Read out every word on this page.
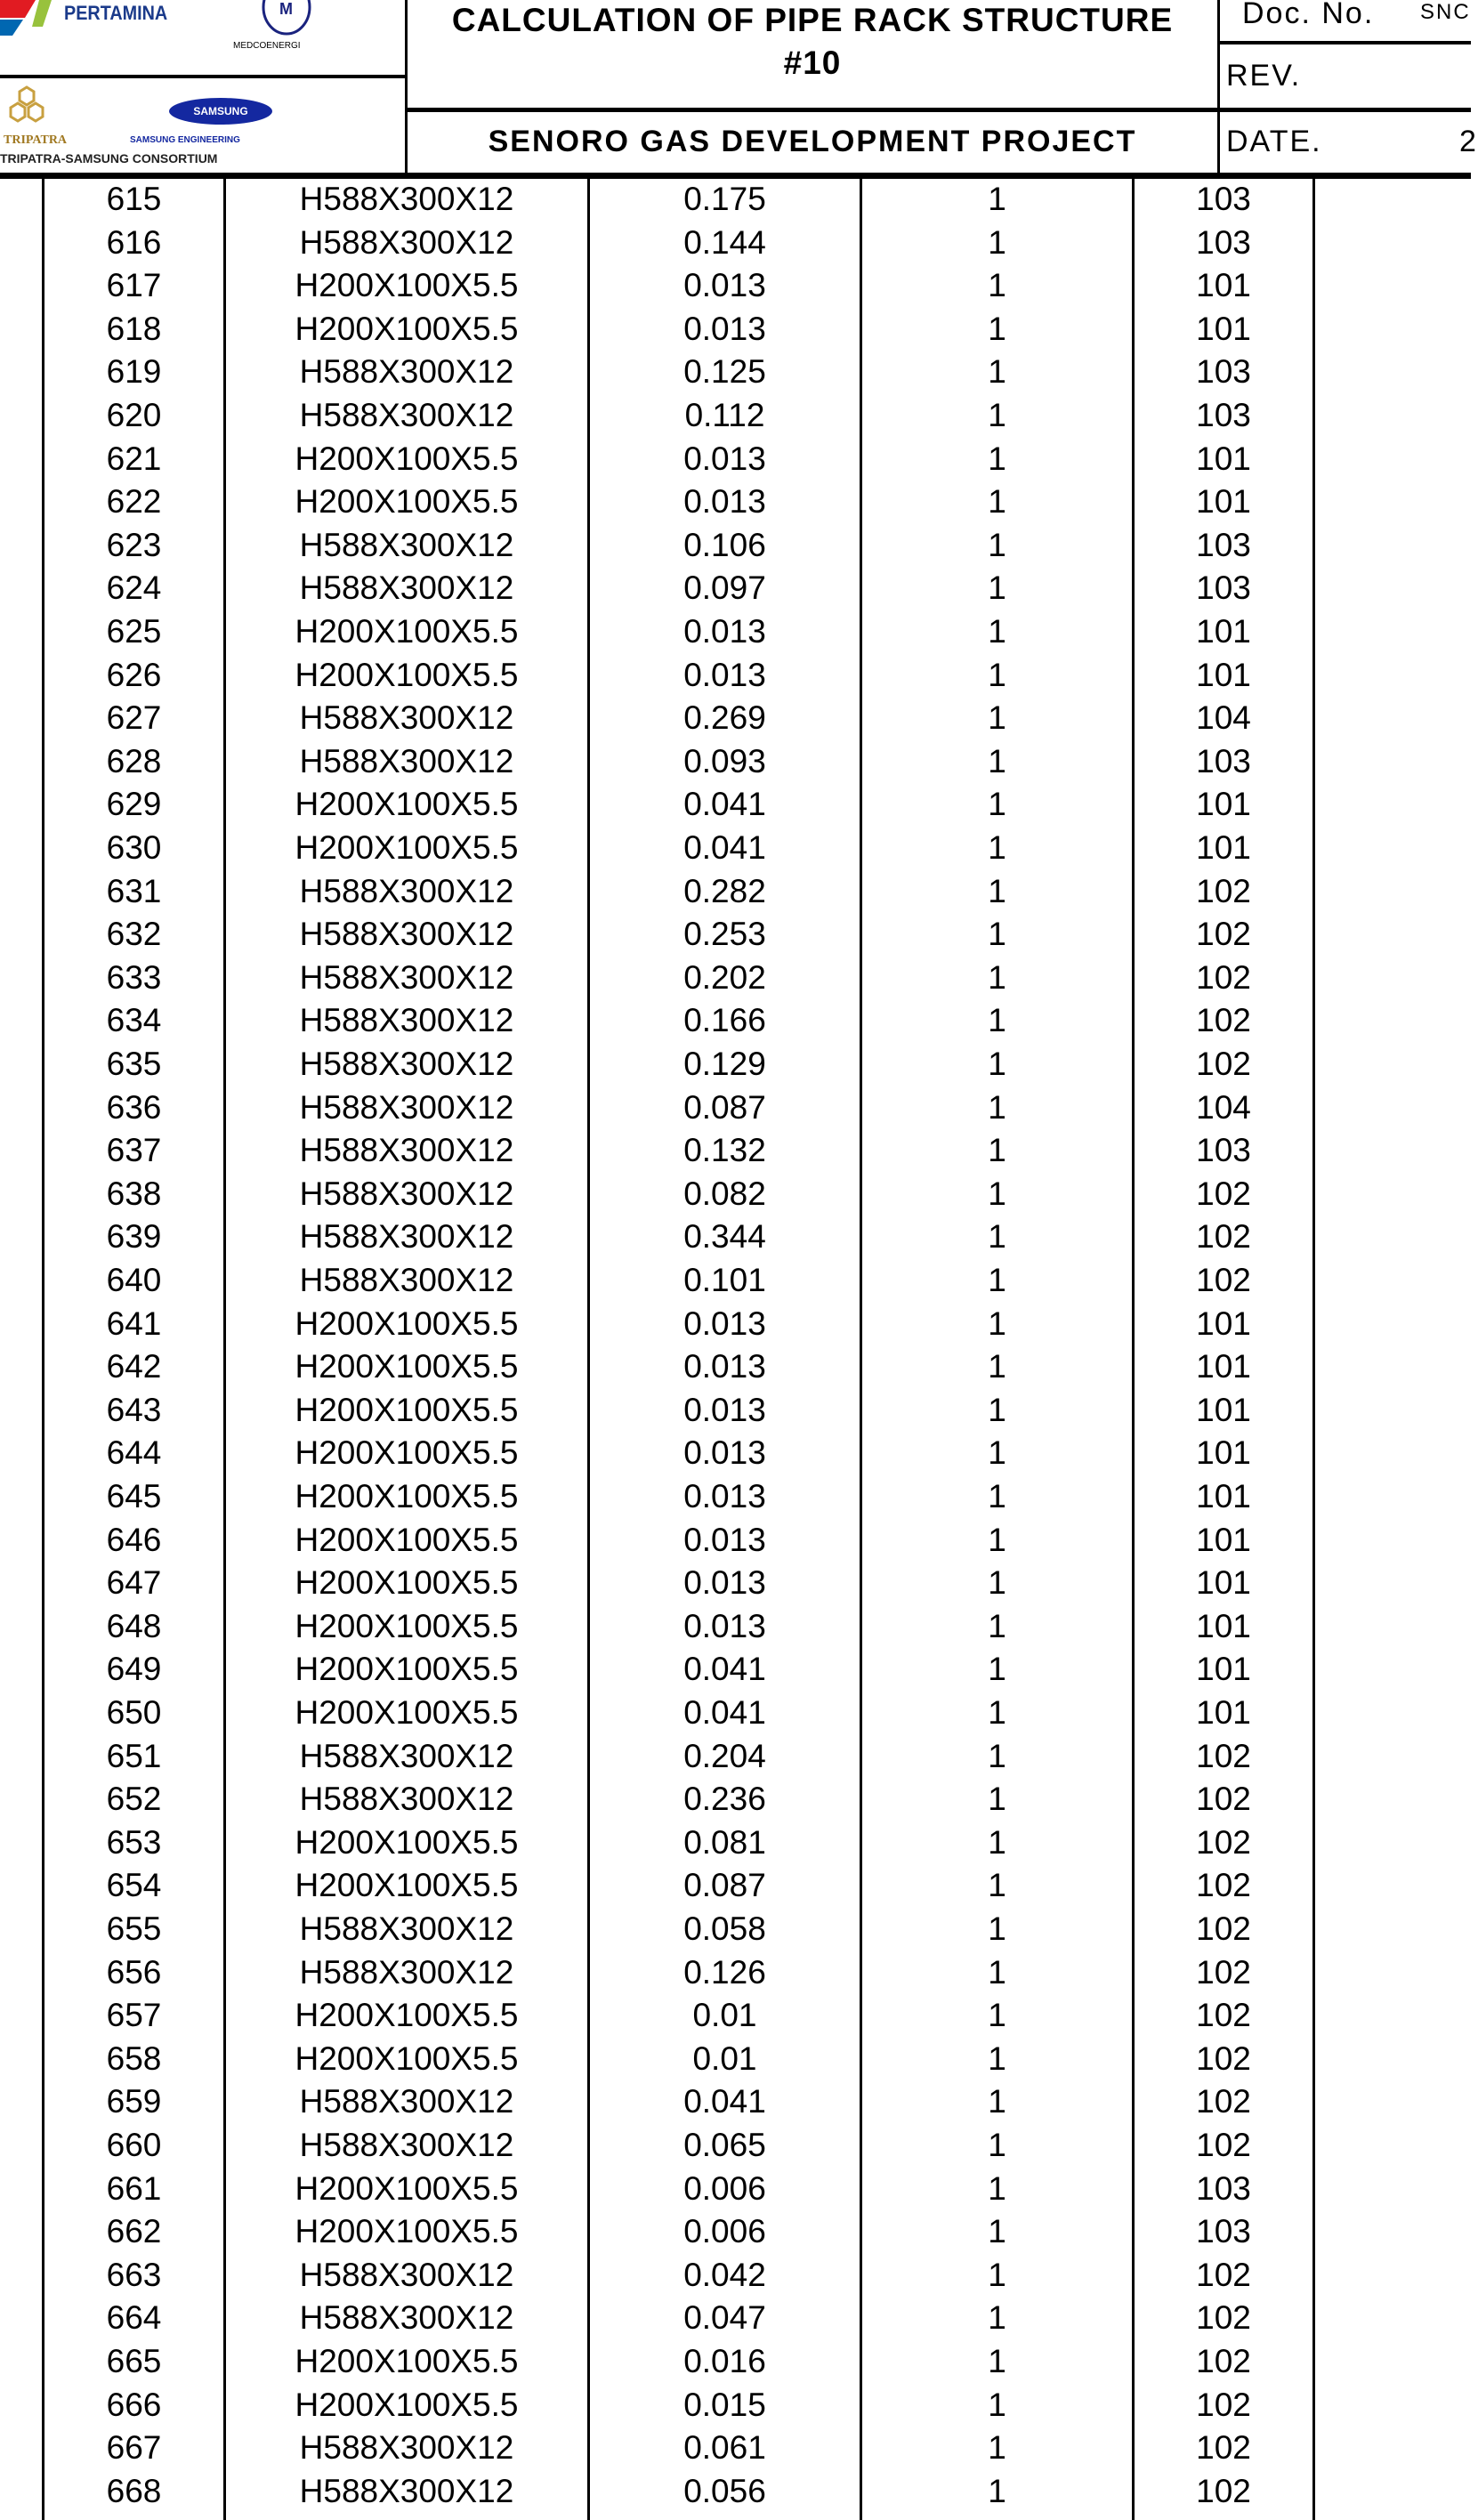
PERTAMINA	M
MEDCOENERGI
TRIPATRA
SAMSUNG
SAMSUNG ENGINEERING
TRIPATRA-SAMSUNG CONSORTIUM
CALCULATION OF PIPE RACK STRUCTURE
#10
SENORO GAS DEVELOPMENT PROJECT
Doc. No. SNC
REV.
DATE.	2
615	H588X300X12	0.175	1	103
616	H588X300X12	0.144	1	103
617	H200X100X5.5	0.013	1	101
618	H200X100X5.5	0.013	1	101
619	H588X300X12	0.125	1	103
620	H588X300X12	0.112	1	103
621	H200X100X5.5	0.013	1	101
622	H200X100X5.5	0.013	1	101
623	H588X300X12	0.106	1	103
624	H588X300X12	0.097	1	103
625	H200X100X5.5	0.013	1	101
626	H200X100X5.5	0.013	1	101
627	H588X300X12	0.269	1	104
628	H588X300X12	0.093	1	103
629	H200X100X5.5	0.041	1	101
630	H200X100X5.5	0.041	1	101
631	H588X300X12	0.282	1	102
632	H588X300X12	0.253	1	102
633	H588X300X12	0.202	1	102
634	H588X300X12	0.166	1	102
635	H588X300X12	0.129	1	102
636	H588X300X12	0.087	1	104
637	H588X300X12	0.132	1	103
638	H588X300X12	0.082	1	102
639	H588X300X12	0.344	1	102
640	H588X300X12	0.101	1	102
641	H200X100X5.5	0.013	1	101
642	H200X100X5.5	0.013	1	101
643	H200X100X5.5	0.013	1	101
644	H200X100X5.5	0.013	1	101
645	H200X100X5.5	0.013	1	101
646	H200X100X5.5	0.013	1	101
647	H200X100X5.5	0.013	1	101
648	H200X100X5.5	0.013	1	101
649	H200X100X5.5	0.041	1	101
650	H200X100X5.5	0.041	1	101
651	H588X300X12	0.204	1	102
652	H588X300X12	0.236	1	102
653	H200X100X5.5	0.081	1	102
654	H200X100X5.5	0.087	1	102
655	H588X300X12	0.058	1	102
656	H588X300X12	0.126	1	102
657	H200X100X5.5	0.01	1	102
658	H200X100X5.5	0.01	1	102
659	H588X300X12	0.041	1	102
660	H588X300X12	0.065	1	102
661	H200X100X5.5	0.006	1	103
662	H200X100X5.5	0.006	1	103
663	H588X300X12	0.042	1	102
664	H588X300X12	0.047	1	102
665	H200X100X5.5	0.016	1	102
666	H200X100X5.5	0.015	1	102
667	H588X300X12	0.061	1	102
668	H588X300X12	0.056	1	102
